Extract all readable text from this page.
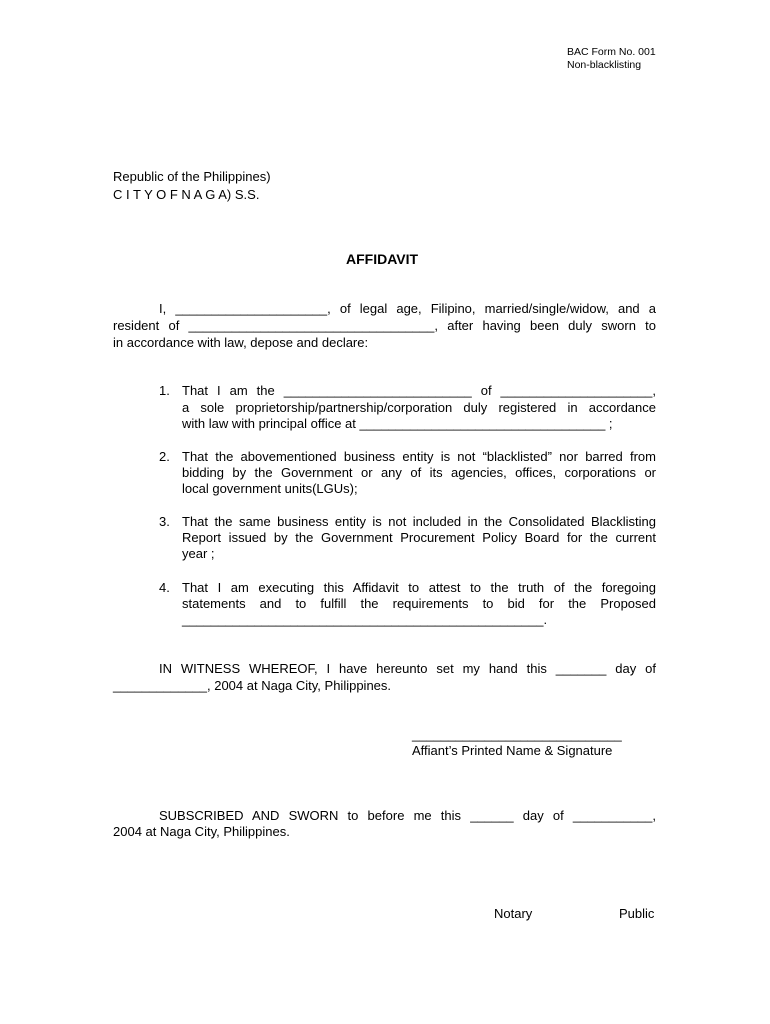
BAC Form No. 001
Non-blacklisting
Republic of the Philippines)
C I T Y O F N A G A) S.S.
AFFIDAVIT
I, _____________________, of legal age, Filipino, married/single/widow, and a
resident of __________________________________, after having been duly sworn to
in accordance with law, depose and declare:
1. That I am the __________________________ of _____________________,
a sole proprietorship/partnership/corporation duly registered in accordance
with law with principal office at __________________________________ ;
2. That the abovementioned business entity is not “blacklisted” nor barred from
bidding by the Government or any of its agencies, offices, corporations or
local government units(LGUs);
3. That the same business entity is not included in the Consolidated Blacklisting
Report issued by the Government Procurement Policy Board for the current
year ;
4. That I am executing this Affidavit to attest to the truth of the foregoing
statements and to fulfill the requirements to bid for the Proposed
__________________________________________________.
IN WITNESS WHEREOF, I have hereunto set my hand this _______ day of
_____________, 2004 at Naga City, Philippines.
_____________________________
Affiant’s Printed Name & Signature
SUBSCRIBED AND SWORN to before me this ______ day of ___________,
2004 at Naga City, Philippines.
Notary	Public
